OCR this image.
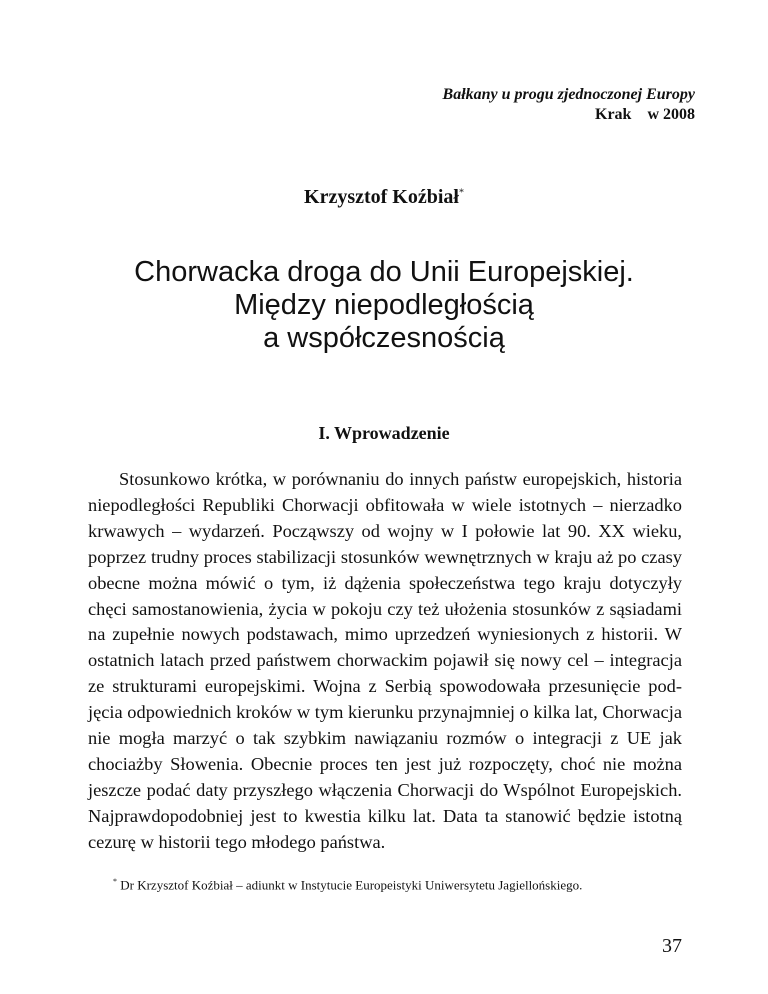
Bałkany u progu zjednoczonej Europy
Krak    w 2008
Krzysztof Koźbiał*
Chorwacka droga do Unii Europejskiej.
Między niepodległością
a współczesnością
I. Wprowadzenie

Stosunkowo krótka, w porównaniu do innych państw europejskich, historia niepodległości Republiki Chorwacji obfitowała w wiele istotnych – nierzadko krwawych – wydarzeń. Począwszy od wojny w I połowie lat 90. XX wieku, poprzez trudny proces stabilizacji stosunków wewnętrznych w kraju aż po czasy obecne można mówić o tym, iż dążenia społeczeństwa tego kraju dotyczyły chęci samostanowienia, życia w pokoju czy też ułożenia stosunków z sąsiadami na zupełnie nowych podstawach, mimo uprzedzeń wyniesionych z historii. W ostatnich latach przed państwem chorwackim pojawił się nowy cel – integracja ze strukturami europejskimi. Wojna z Serbią spowodowała przesunięcie podjęcia odpowiednich kroków w tym kierunku przynajmniej o kilka lat, Chorwacja nie mogła marzyć o tak szybkim nawiązaniu rozmów o integracji z UE jak chociażby Słowenia. Obecnie proces ten jest już rozpoczęty, choć nie można jeszcze podać daty przyszłego włączenia Chorwacji do Wspólnot Europejskich. Najprawdopodobniej jest to kwestia kilku lat. Data ta stanowić będzie istotną cezurę w historii tego młodego państwa.

* Dr Krzysztof Koźbiał – adiunkt w Instytucie Europeistyki Uniwersytetu Jagiellońskiego.
37
